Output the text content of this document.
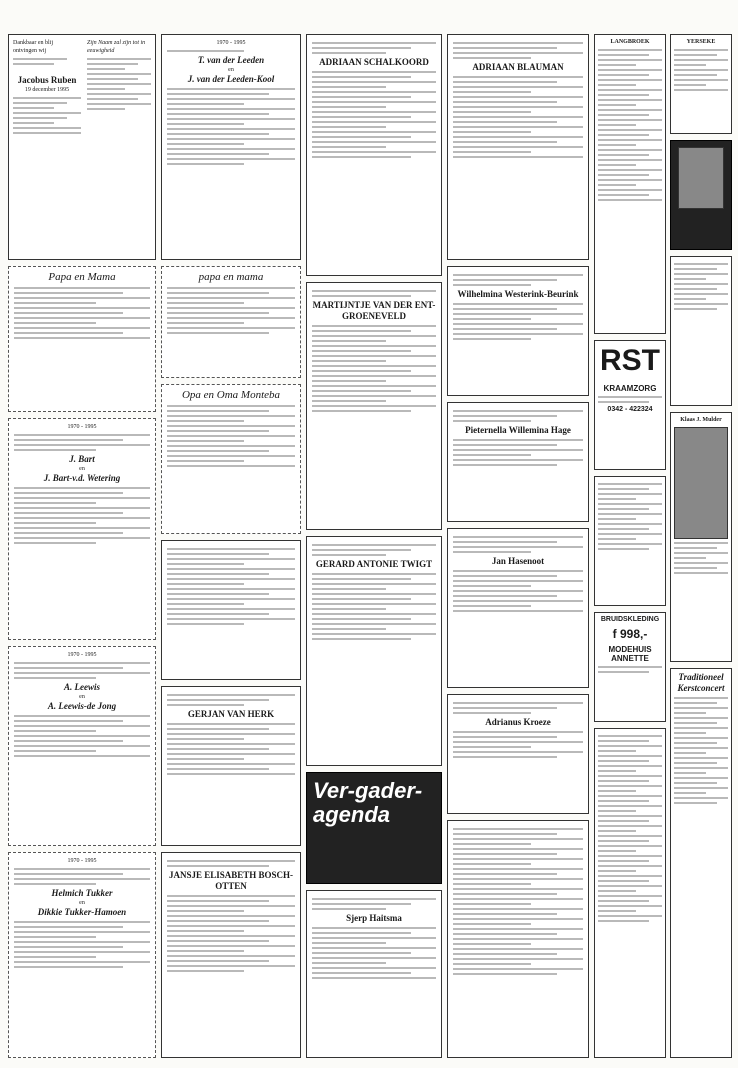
Dankbaar en blij
ontvingen wij
Jacobus Ruben
19 december 1995
Zijn Naam zal zijn tot in eeuwigheid
Papa en Mama
1970 - 1995
J. Bart
en
J. Bart-v.d. Wetering
1970 - 1995
A. Leewis
en
A. Leewis-de Jong
1970 - 1995
Helmich Tukker
en
Dikkie Tukker-Hamoen
1970 - 1995
T. van der Leeden
en
J. van der Leeden-Kool
papa en mama
Opa en Oma Monteba
GERJAN VAN HERK
JANSJE ELISABETH BOSCH-OTTEN
ADRIAAN SCHALKOORD
MARTIJNTJE VAN DER ENT-GROENEVELD
GERARD ANTONIE TWIGT
Ver-gader-agenda
Sjerp Haitsma
ADRIAAN BLAUMAN
Wilhelmina Westerink-Beurink
Pieternella Willemina Hage
Jan Hasenoot
Adrianus Kroeze
LANGBROEK
RST
KRAAMZORG
0342 - 422324
BRUIDSKLEDING
f 998,-
MODEHUIS ANNETTE
YERSEKE
Klaas J. Mulder
Traditioneel Kerstconcert
